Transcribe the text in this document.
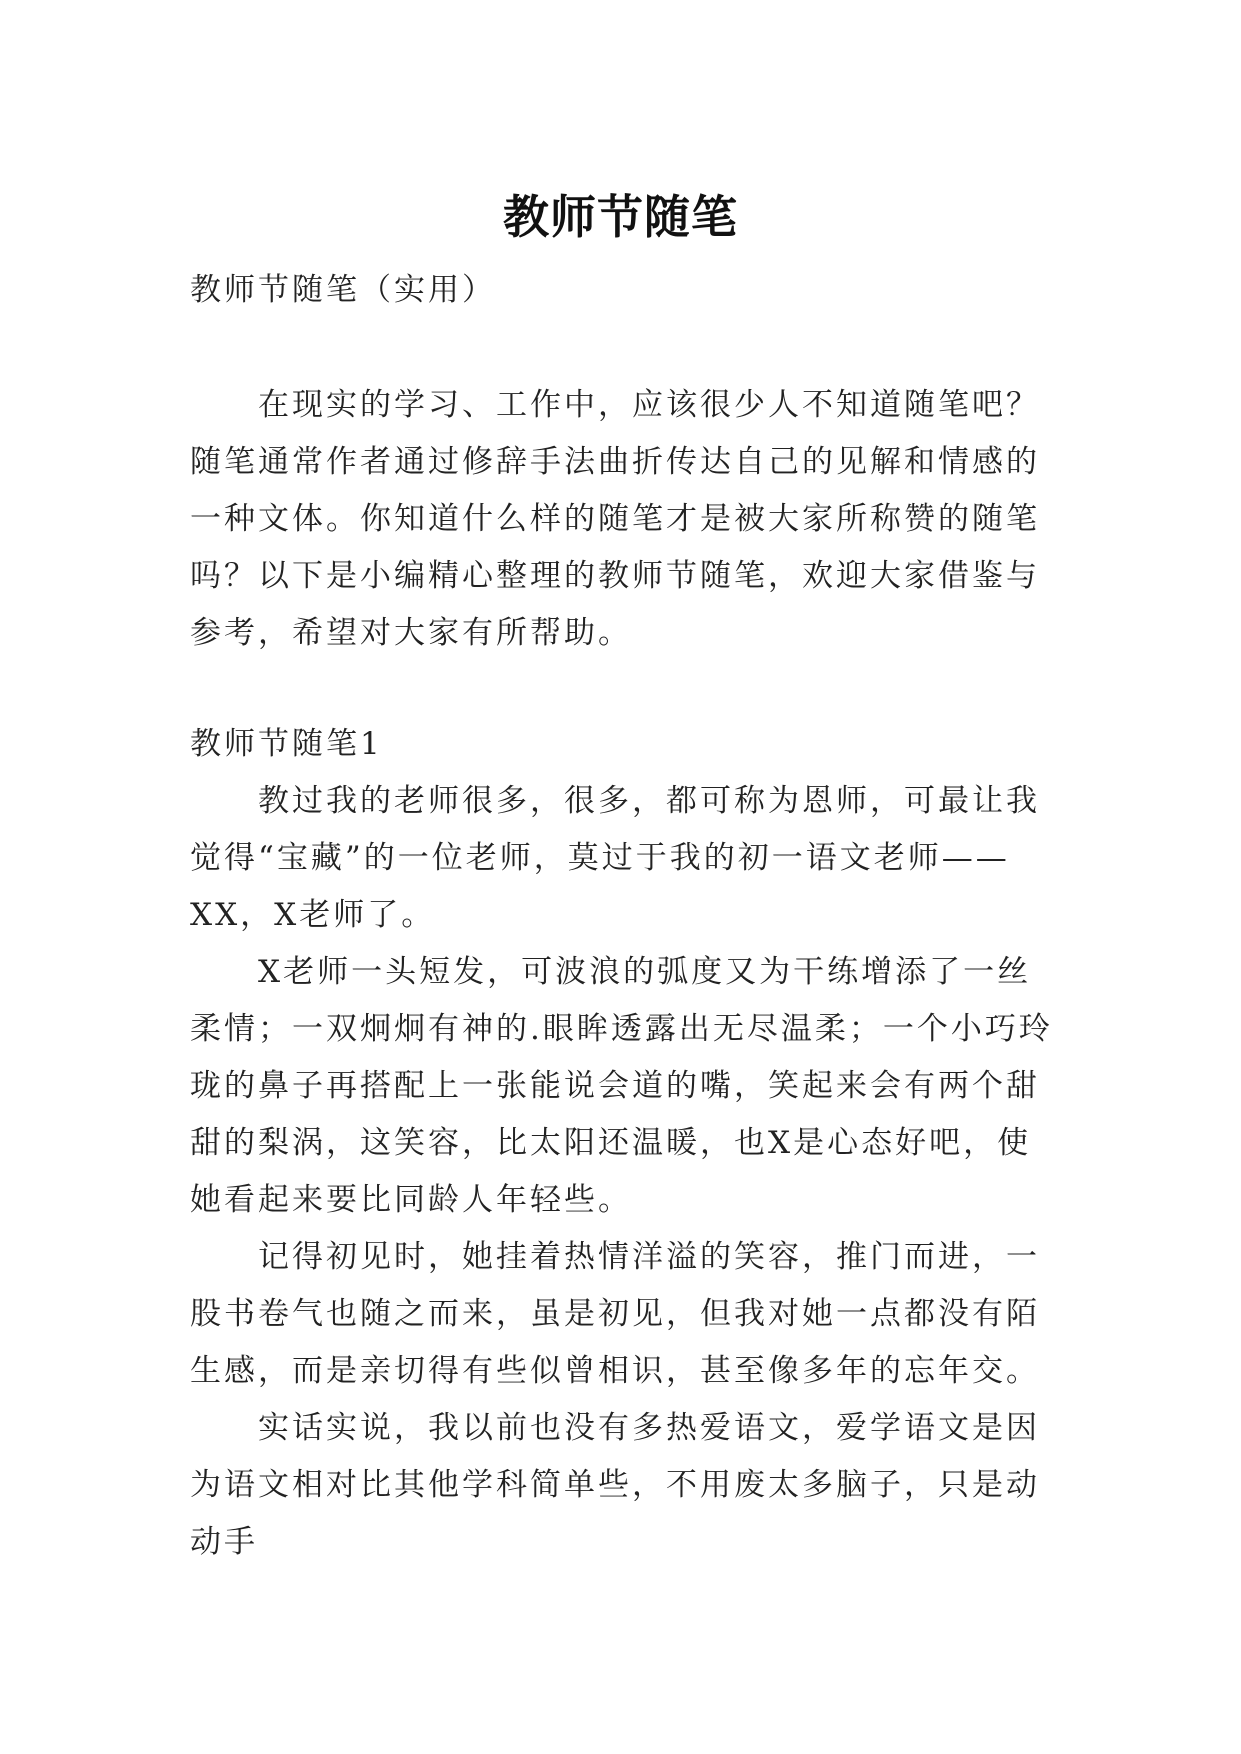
教师节随笔

教师节随笔（实用）

在现实的学习、工作中，应该很少人不知道随笔吧？随笔通常作者通过修辞手法曲折传达自己的见解和情感的一种文体。你知道什么样的随笔才是被大家所称赞的随笔吗？以下是小编精心整理的教师节随笔，欢迎大家借鉴与参考，希望对大家有所帮助。

教师节随笔1

教过我的老师很多，很多，都可称为恩师，可最让我觉得“宝藏”的一位老师，莫过于我的初一语文老师——XX，X老师了。

X老师一头短发，可波浪的弧度又为干练增添了一丝柔情；一双炯炯有神的.眼眸透露出无尽温柔；一个小巧玲珑的鼻子再搭配上一张能说会道的嘴，笑起来会有两个甜甜的梨涡，这笑容，比太阳还温暖，也X是心态好吧，使她看起来要比同龄人年轻些。

记得初见时，她挂着热情洋溢的笑容，推门而进，一股书卷气也随之而来，虽是初见，但我对她一点都没有陌生感，而是亲切得有些似曾相识，甚至像多年的忘年交。

实话实说，我以前也没有多热爱语文，爱学语文是因为语文相对比其他学科简单些，不用废太多脑子，只是动动手
